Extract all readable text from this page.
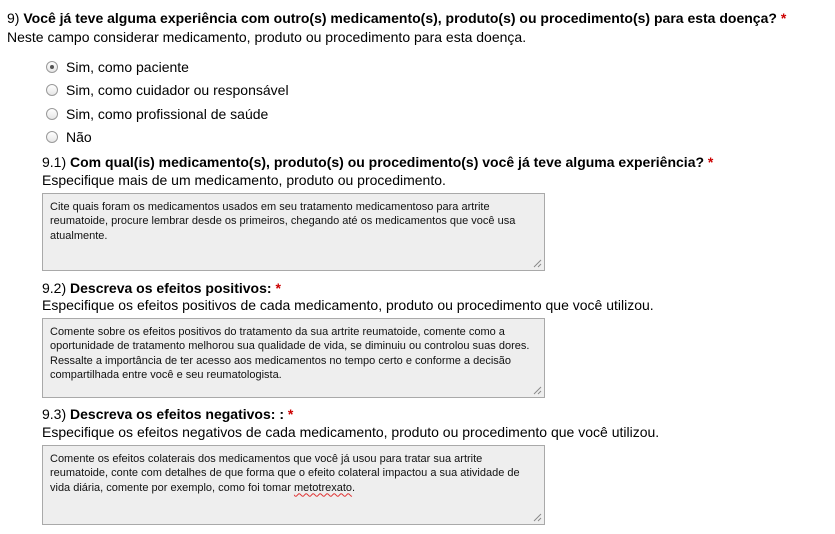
9) Você já teve alguma experiência com outro(s) medicamento(s), produto(s) ou procedimento(s) para esta doença? *
Neste campo considerar medicamento, produto ou procedimento para esta doença.
Sim, como paciente
Sim, como cuidador ou responsável
Sim, como profissional de saúde
Não
9.1) Com qual(is) medicamento(s), produto(s) ou procedimento(s) você já teve alguma experiência? *
Especifique mais de um medicamento, produto ou procedimento.
Cite quais foram os medicamentos usados em seu tratamento medicamentoso para artrite reumatoide, procure lembrar desde os primeiros, chegando até os medicamentos que você usa atualmente.
9.2) Descreva os efeitos positivos: *
Especifique os efeitos positivos de cada medicamento, produto ou procedimento que você utilizou.
Comente sobre os efeitos positivos do tratamento da sua artrite reumatoide, comente como a oportunidade de tratamento melhorou sua qualidade de vida, se diminuiu ou controlou suas dores. Ressalte a importância de ter acesso aos medicamentos no tempo certo e conforme a decisão compartilhada entre você e seu reumatologista.
9.3) Descreva os efeitos negativos: : *
Especifique os efeitos negativos de cada medicamento, produto ou procedimento que você utilizou.
Comente os efeitos colaterais dos medicamentos que você já usou para tratar sua artrite reumatoide, conte com detalhes de que forma que o efeito colateral impactou a sua atividade de vida diária, comente por exemplo, como foi tomar metotrexato.
